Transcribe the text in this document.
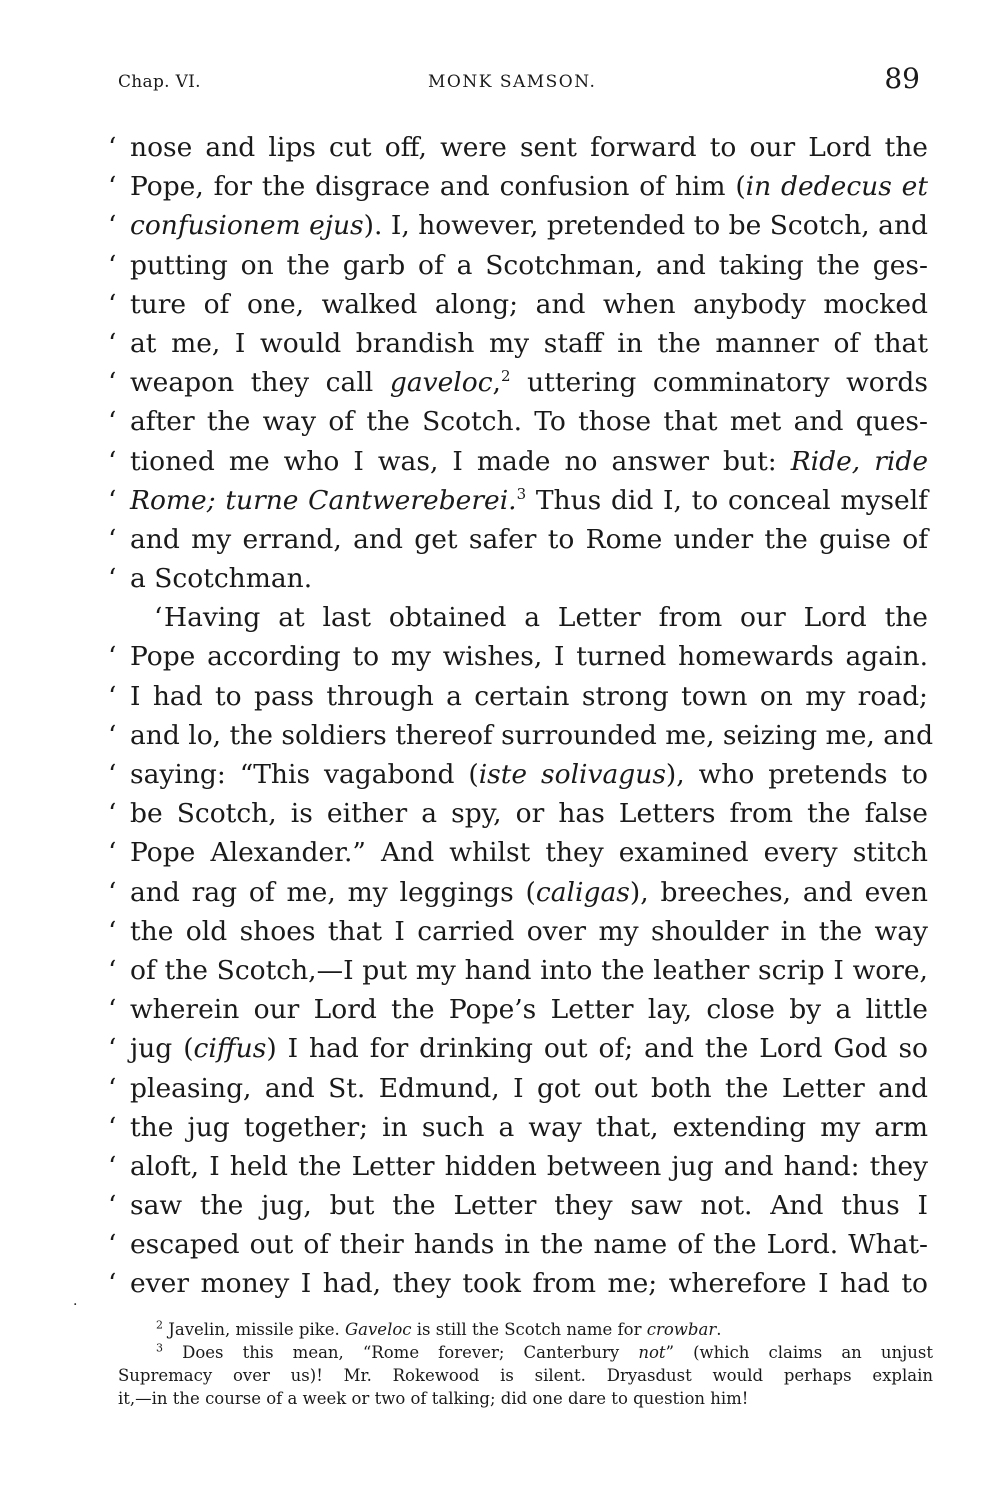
Chap. VI.	MONK SAMSON.	89
‘ nose and lips cut off, were sent forward to our Lord the
‘ Pope, for the disgrace and confusion of him (in dedecus et
‘ confusionem ejus). I, however, pretended to be Scotch, and
‘ putting on the garb of a Scotchman, and taking the ges-
‘ ture of one, walked along; and when anybody mocked
‘ at me, I would brandish my staff in the manner of that
‘ weapon they call gaveloc,$^2$ uttering comminatory words
‘ after the way of the Scotch. To those that met and ques-
‘ tioned me who I was, I made no answer but: Ride, ride
‘ Rome; turne Cantwereberei.$^3$ Thus did I, to conceal myself
‘ and my errand, and get safer to Rome under the guise of
‘ a Scotchman.
‘Having at last obtained a Letter from our Lord the
‘ Pope according to my wishes, I turned homewards again.
‘ I had to pass through a certain strong town on my road;
‘ and lo, the soldiers thereof surrounded me, seizing me, and
‘ saying: “This vagabond (iste solivagus), who pretends to
‘ be Scotch, is either a spy, or has Letters from the false
‘ Pope Alexander.” And whilst they examined every stitch
‘ and rag of me, my leggings (caligas), breeches, and even
‘ the old shoes that I carried over my shoulder in the way
‘ of the Scotch,—I put my hand into the leather scrip I wore,
‘ wherein our Lord the Pope’s Letter lay, close by a little
‘ jug (ciffus) I had for drinking out of; and the Lord God so
‘ pleasing, and St. Edmund, I got out both the Letter and
‘ the jug together; in such a way that, extending my arm
‘ aloft, I held the Letter hidden between jug and hand: they
‘ saw the jug, but the Letter they saw not. And thus I
‘ escaped out of their hands in the name of the Lord. What-
‘ ever money I had, they took from me; wherefore I had to
·
$^2$ Javelin, missile pike. Gaveloc is still the Scotch name for crowbar.
$^3$ Does this mean, “Rome forever; Canterbury not” (which claims an unjust
Supremacy over us)! Mr. Rokewood is silent. Dryasdust would perhaps explain
it,—in the course of a week or two of talking; did one dare to question him!
